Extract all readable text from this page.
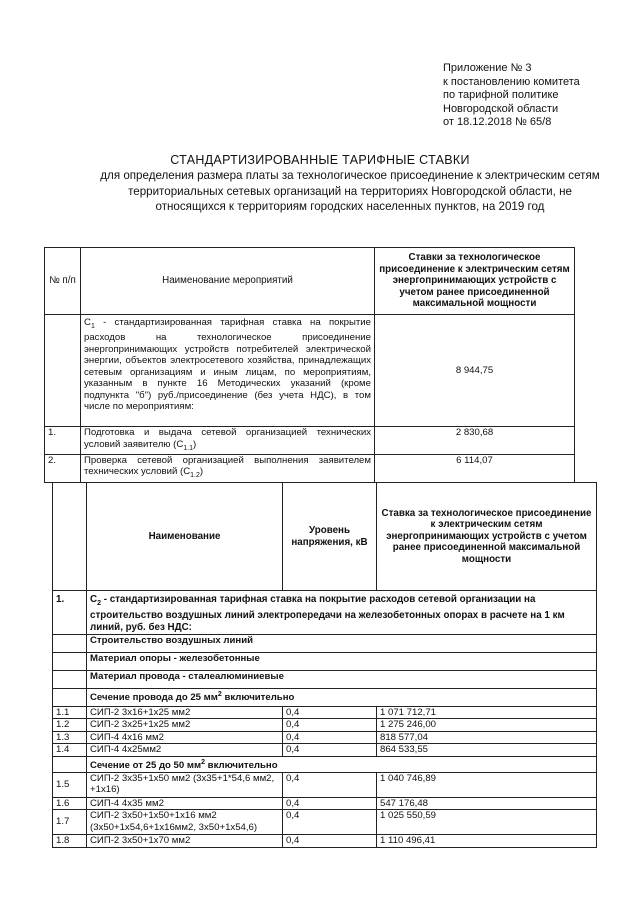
Приложение № 3
к постановлению комитета
по тарифной политике
Новгородской области
от 18.12.2018 № 65/8
СТАНДАРТИЗИРОВАННЫЕ ТАРИФНЫЕ СТАВКИ
для определения размера платы за технологическое присоединение к электрическим сетям территориальных сетевых организаций на территориях Новгородской области, не относящихся к территориям городских населенных пунктов, на 2019 год
№ п/п	Наименование мероприятий	Ставки за технологическое присоединение к электрическим сетям энергопринимающих устройств с учетом ранее присоединенной максимальной мощности
	$С_1$ - стандартизированная тарифная ставка на покрытие расходов на технологическое присоединение энергопринимающих устройств потребителей электрической энергии, объектов электросетевого хозяйства, принадлежащих сетевым организациям и иным лицам, по мероприятиям, указанным в пункте 16 Методических указаний (кроме подпункта "б") руб./присоединение (без учета НДС), в том числе по мероприятиям:	8 944,75
1.	Подготовка и выдача сетевой организацией технических условий заявителю $(С_{1.1})$	2 830,68
2.	Проверка сетевой организацией выполнения заявителем технических условий $(С_{1.2})$	6 114,07
	Наименование	Уровень напряжения, кВ	Ставка за технологическое присоединение к электрическим сетям энергопринимающих устройств с учетом ранее присоединенной максимальной мощности
1.	$С_2$ - стандартизированная тарифная ставка на покрытие расходов сетевой организации на строительство воздушных линий электропередачи на железобетонных опорах в расчете на 1 км линий, руб. без НДС:		
	Строительство воздушных линий		
	Материал опоры - железобетонные		
	Материал провода - сталеалюминиевые		
	Сечение провода до 25 $мм^2$ включительно		
1.1	СИП-2 3х16+1х25 мм2	0,4	1 071 712,71
1.2	СИП-2 3х25+1х25 мм2	0,4	1 275 246,00
1.3	СИП-4 4х16 мм2	0,4	818 577,04
1.4	СИП-4 4х25мм2	0,4	864 533,55
	Сечение от 25 до 50 $мм^2$ включительно		
1.5	СИП-2 3х35+1х50 мм2 (3х35+1*54,6 мм2, +1х16)	0,4	1 040 746,89
1.6	СИП-4 4х35 мм2	0,4	547 176,48
1.7	СИП-2 3х50+1х50+1х16 мм2 (3х50+1х54,6+1х16мм2, 3х50+1х54,6)	0,4	1 025 550,59
1.8	СИП-2 3х50+1х70 мм2	0,4	1 110 496,41
